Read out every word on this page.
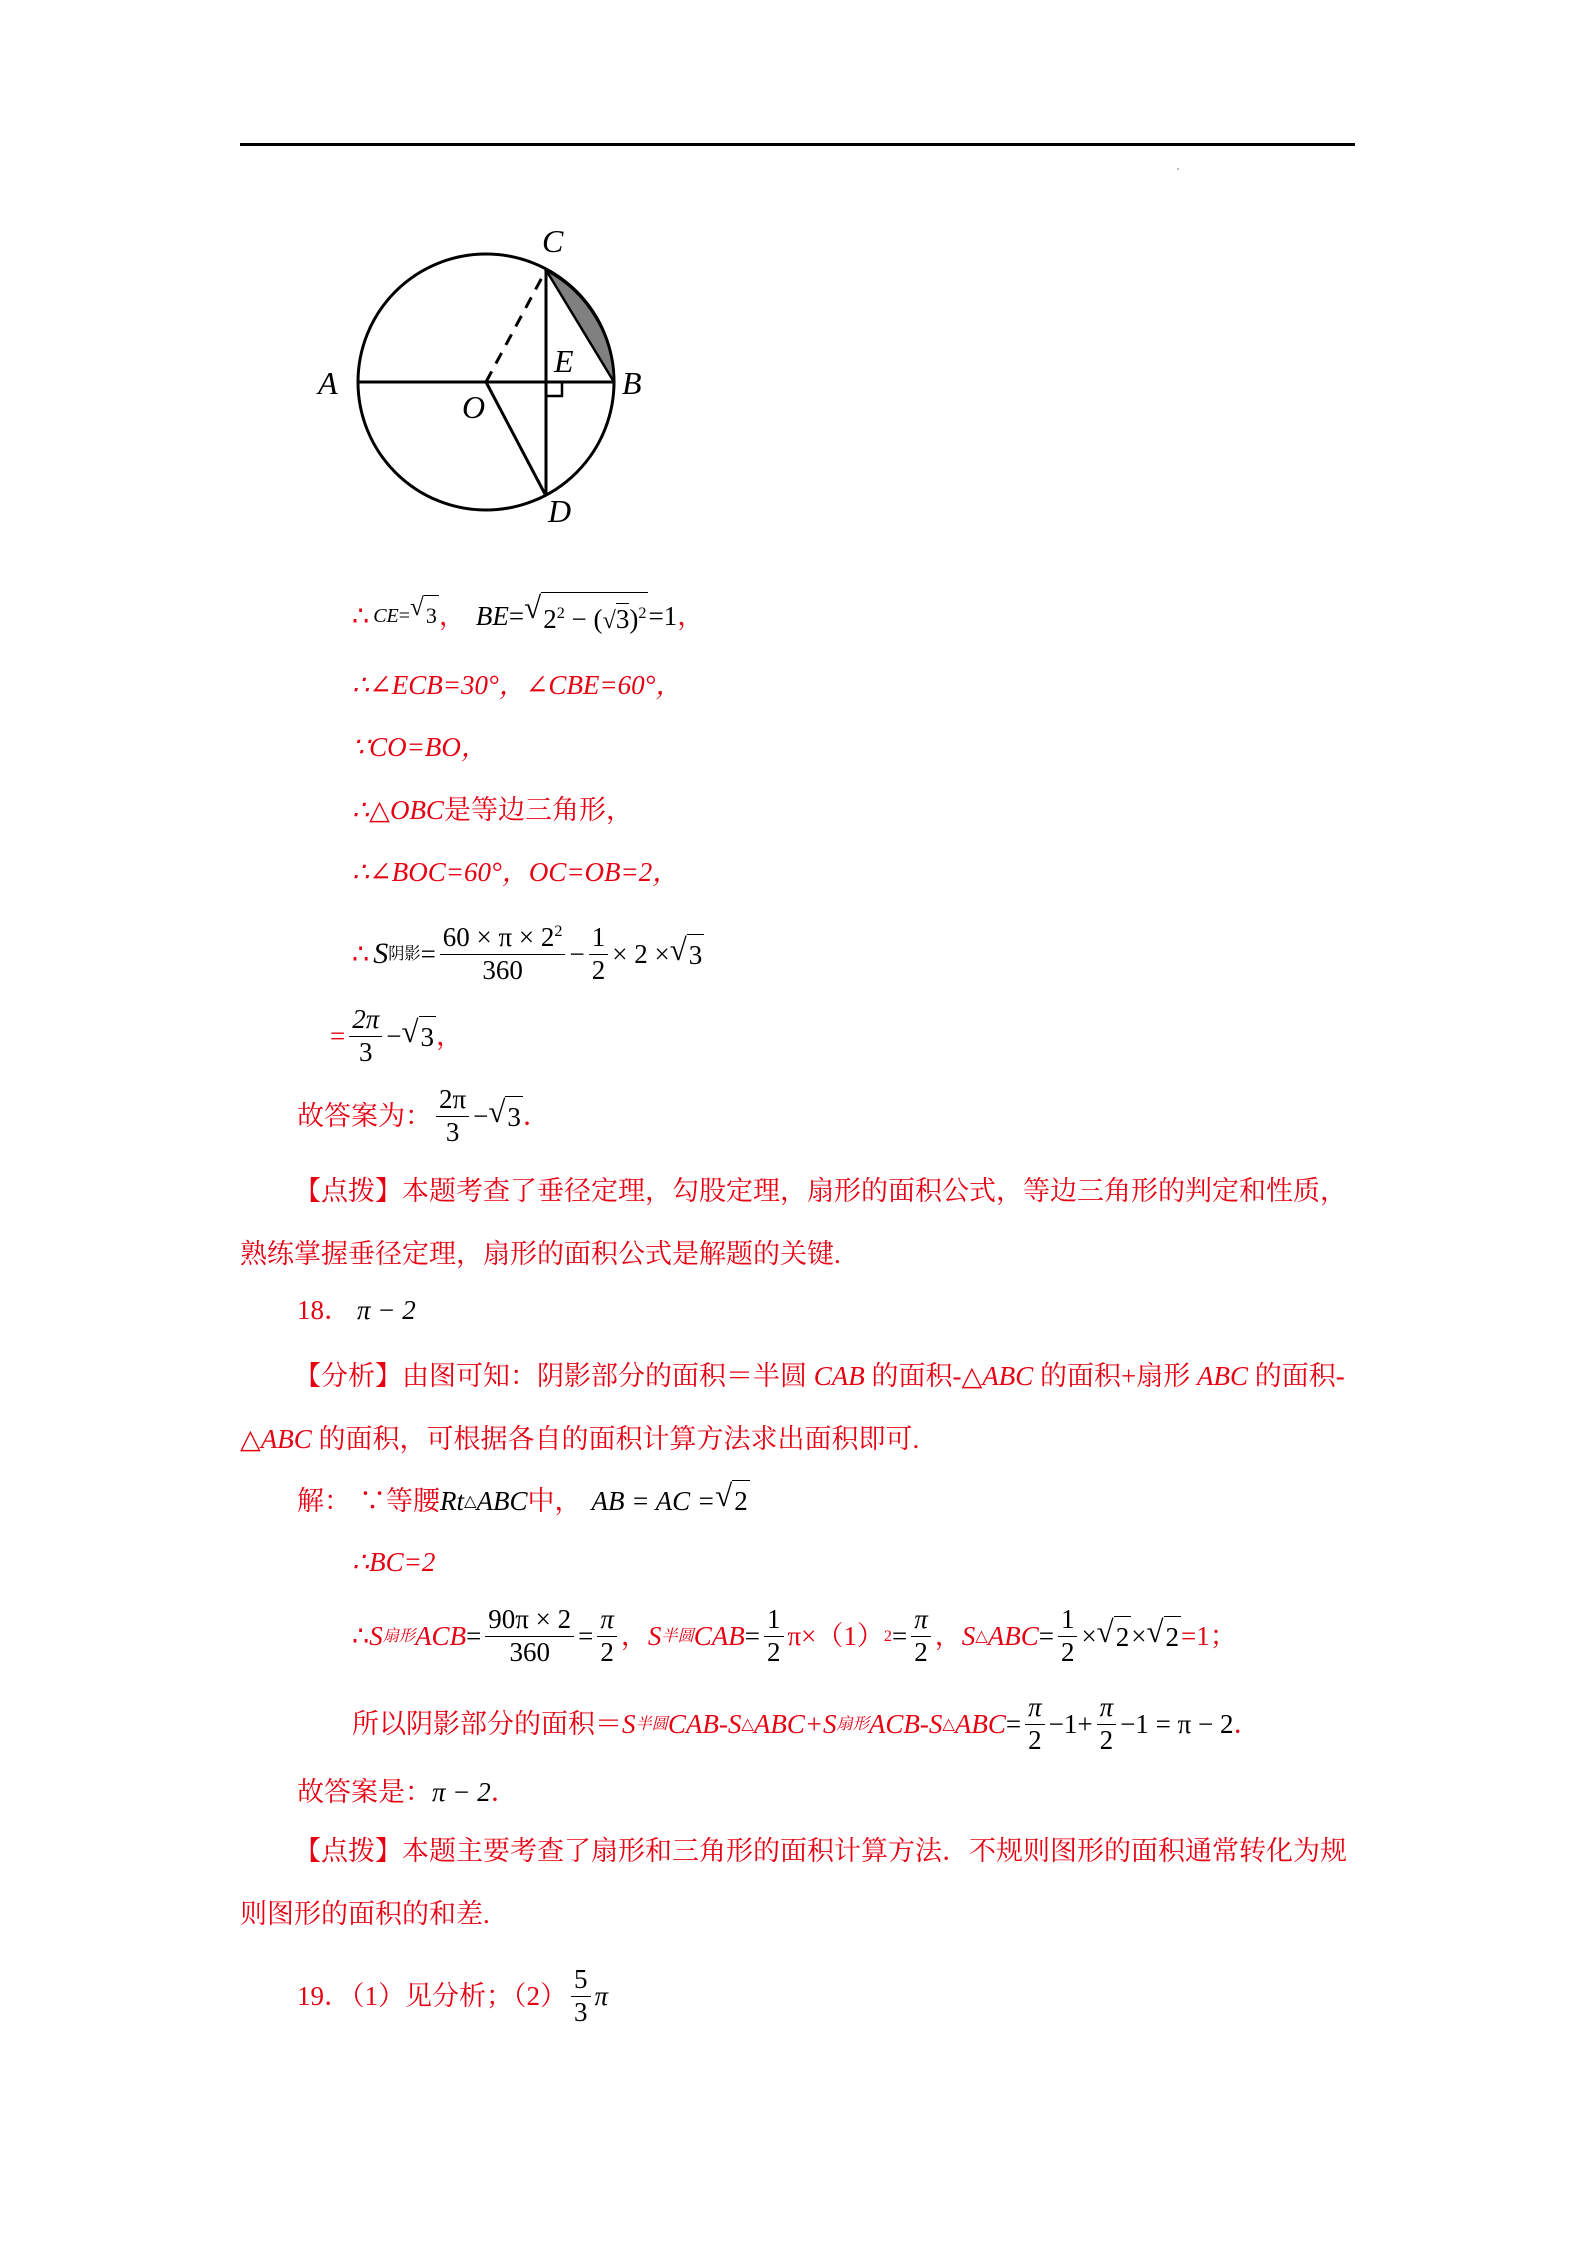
A	B
C
D
E
O
∴ CE = √ 3 ， BE = √ $2^2 - (√3)^2 =1$ ，
∴∠ECB=30°，∠CBE=60°，
∵CO=BO，
∴△OBC 是等边三角形，
∴∠BOC=60°，OC=OB=2，
∴ S 阴影 = $\frac{60 \times \pi \times 2^2}{360} - \frac{1}{2} \times 2$ × √ 3
= $\frac{2\pi}{3}$ − √ 3 ，
故答案为： $\frac{2\pi}{3}$ − √ 3 ．
【点拨】本题考查了垂径定理，勾股定理，扇形的面积公式，等边三角形的判定和性质，熟练掌握垂径定理，扇形的面积公式是解题的关键.
18． π − 2
【分析】由图可知：阴影部分的面积＝半圆 CAB 的面积-△ABC 的面积+扇形 ABC 的面积-△ABC 的面积，可根据各自的面积计算方法求出面积即可.
解： ∵等腰 Rt △ ABC 中， AB = AC = √ 2
∴BC=2
∴ S 扇形 ACB = $\frac{90\pi \times 2}{360} = \frac{\pi}{2}$ ， S 半圆 CAB = $\frac{1}{2} \pi\times(1) 2 = \frac{\pi}{2}$ ， S △ ABC = $\frac{1}{2}$ × √ 2 × √ 2 =1；
所以阴影部分的面积＝ S 半圆 CAB- S △ ABC+ S 扇形 ACB- S △ ABC = $\frac{\pi}{2} -1+ \frac{\pi}{2} -1 = \pi - 2$ ．
故答案是： π − 2 ．
【点拨】本题主要考查了扇形和三角形的面积计算方法．不规则图形的面积通常转化为规则图形的面积的和差.
19．（1）见分析；$(2) \frac{5}{3}$ π
